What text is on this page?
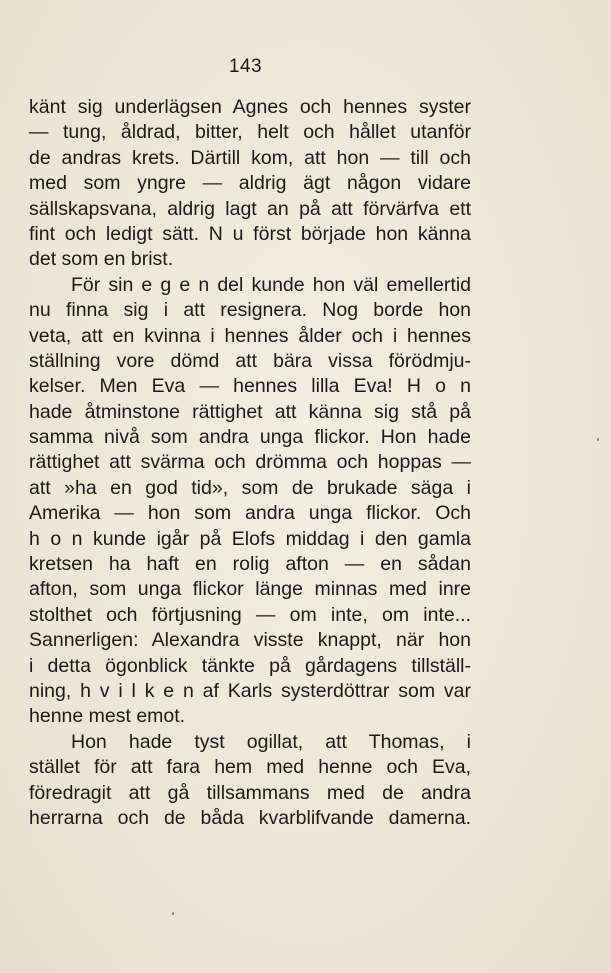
143
känt sig underlägsen Agnes och hennes syster
— tung, åldrad, bitter, helt och hållet utanför
de andras krets. Därtill kom, att hon — till och
med som yngre — aldrig ägt någon vidare
sällskapsvana, aldrig lagt an på att förvärfva ett
fint och ledigt sätt. N u först började hon känna
det som en brist.
För sin e g e n del kunde hon väl emellertid
nu finna sig i att resignera. Nog borde hon
veta, att en kvinna i hennes ålder och i hennes
ställning vore dömd att bära vissa förödmju-
kelser. Men Eva — hennes lilla Eva! H o n
hade åtminstone rättighet att känna sig stå på
samma nivå som andra unga flickor. Hon hade
rättighet att svärma och drömma och hoppas —
att »ha en god tid», som de brukade säga i
Amerika — hon som andra unga flickor. Och
h o n kunde igår på Elofs middag i den gamla
kretsen ha haft en rolig afton — en sådan
afton, som unga flickor länge minnas med inre
stolthet och förtjusning — om inte, om inte...
Sannerligen: Alexandra visste knappt, när hon
i detta ögonblick tänkte på gårdagens tillställ-
ning, h v i l k e n af Karls systerdöttrar som var
henne mest emot.
Hon hade tyst ogillat, att Thomas, i
stället för att fara hem med henne och Eva,
föredragit att gå tillsammans med de andra
herrarna och de båda kvarblifvande damerna.
